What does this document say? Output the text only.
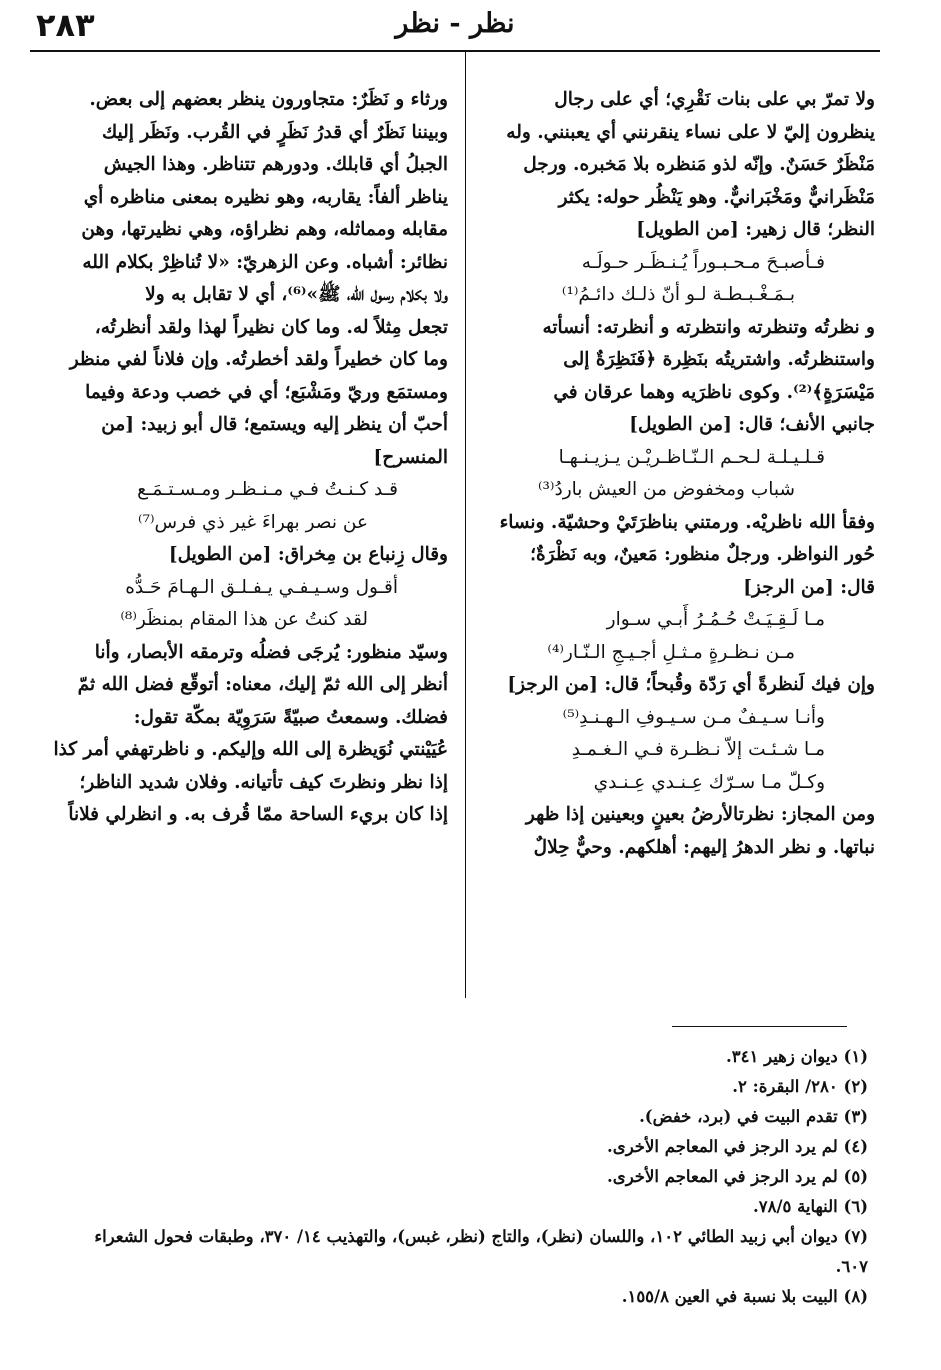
نظر - نظر
٢٨٣
ولا تمرّ بي على بنات نَقْرِي؛ أي على رجال
ينظرون إليّ لا على نساء ينقرنني أي يعبنني. وله
مَنْظَرٌ حَسَنٌ. وإنّه لذو مَنظره بلا مَخبره. ورجل
مَنْظَرانيٌّ ومَخْبَرانيٌّ. وهو يَنْظُر حوله: يكثر
النظر؛ قال زهير: [من الطويل]
فـأصبـحَ مـحـبـوراً يُـنـظَـر حـولَـه
بـمَـغْـبـطـة لـو أنّ ذلـك دائـمُ⁽¹⁾
و نظرتُه وتنظرته وانتظرته و أنظرته: أنسأته
واستنظرتُه. واشتريتُه بنَظِرة ﴿فَنَظِرَةٌ إلى
مَيْسَرَةٍ﴾⁽²⁾. وكوى ناظرَيه وهما عرقان في
جانبي الأنف؛ قال: [من الطويل]
قـلـيـلـة لـحـم الـنّـاظـريْـن يـزيـنـهـا
شباب ومخفوض من العيش باردُ⁽³⁾
وفقأ الله ناظريْه. ورمتني بناظرَتَيْ وحشيّة. ونساء
حُور النواظر. ورجلٌ منظور: مَعينٌ، وبه نَظْرَةٌ؛
قال: [من الرجز]
مـا لَـقِـيَـتْ حُـمُـرُ أَبـي سـوار
مـن نـظـرةٍ مـثـلِ أجـيـجِ الـنّـار⁽⁴⁾
وإن فيك لَنظرةً أي رَدّة وقُبحاً؛ قال: [من الرجز]
وأنـا سـيـفٌ مـن سـيـوفِ الـهـنـدِ⁽⁵⁾
مـا شـئـت إلاّ نـظـرة فـي الـغـمـدِ
وكـلّ مـا سـرّك عِـنـدي عِـنـدي
ومن المجاز: نظرتالأرضُ بعينٍ وبعينين إذا ظهر
نباتها. و نظر الدهرُ إليهم: أهلكهم. وحيٌّ حِلالٌ
ورثاء و نَظَرٌ: متجاورون ينظر بعضهم إلى بعض.
وبيننا نَظَرٌ أي قدرُ نَظَرٍ في القُرب. ونَظَر إليك
الجبلُ أي قابلك. ودورهم تتناظر. وهذا الجيش
يناظر ألفاً: يقاربه، وهو نظيره بمعنى مناظره أي
مقابله ومماثله، وهم نظراؤه، وهي نظيرتها، وهن
نظائر: أشباه. وعن الزهريّ: «لا تُناظِرْ بكلام الله
ولا بكلام رسول الله، ﷺ»⁽⁶⁾، أي لا تقابل به ولا
تجعل مِثلاً له. وما كان نظيراً لهذا ولقد أنظرتُه،
وما كان خطيراً ولقد أخطرتُه. وإن فلاناً لفي منظر
ومستمَع وريّ ومَشْبَع؛ أي في خصب ودعة وفيما
أحبّ أن ينظر إليه ويستمع؛ قال أبو زبيد: [من
المنسرح]
قـد كـنـتُ فـي مـنـظـر ومـسـتـمَـع
عن نصر بهراءَ غير ذي فرس⁽⁷⁾
وقال زِنباع بن مِخراق: [من الطويل]
أقـول وسـيـفـي يـفـلـق الـهـامَ حَـدُّه
لقد كنتُ عن هذا المقام بمنظَر⁽⁸⁾
وسيّد منظور: يُرجَى فضلُه وترمقه الأبصار، وأنا
أنظر إلى الله ثمّ إليك، معناه: أتوقّع فضل الله ثمّ
فضلك. وسمعتُ صبيّةً سَرَوِيّة بمكّة تقول:
عُيَيْنتي نُوَيظرة إلى الله وإليكم. و ناظرتهفي أمر كذا
إذا نظر ونظرتَ كيف تأتيانه. وفلان شديد الناظر؛
إذا كان بريء الساحة ممّا قُرف به. و انظرلي فلاناً
(١) ديوان زهير ٣٤١.
(٢) ٢٨٠/ البقرة: ٢.
(٣) تقدم البيت في (برد، خفض).
(٤) لم يرد الرجز في المعاجم الأخرى.
(٥) لم يرد الرجز في المعاجم الأخرى.
(٦) النهاية ٧٨/٥.
(٧) ديوان أبي زبيد الطائي ١٠٢، واللسان (نظر)، والتاج (نظر، غبس)، والتهذيب ١٤/ ٣٧٠، وطبقات فحول الشعراء
٦٠٧.
(٨) البيت بلا نسبة في العين ١٥٥/٨.
